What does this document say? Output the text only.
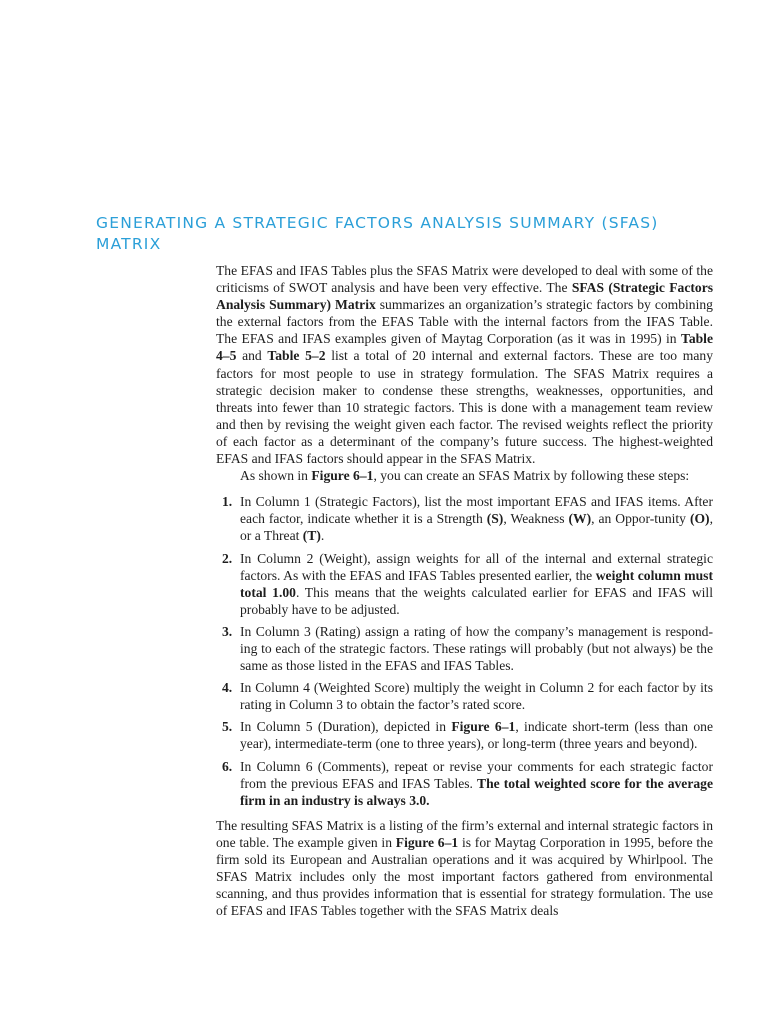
GENERATING A STRATEGIC FACTORS ANALYSIS SUMMARY (SFAS) MATRIX

The EFAS and IFAS Tables plus the SFAS Matrix were developed to deal with some of the criticisms of SWOT analysis and have been very effective. The SFAS (Strategic Factors Analysis Summary) Matrix summarizes an organization’s strategic factors by combining the external factors from the EFAS Table with the internal factors from the IFAS Table. The EFAS and IFAS examples given of Maytag Corporation (as it was in 1995) in Table 4–5 and Table 5–2 list a total of 20 internal and external factors. These are too many factors for most people to use in strategy formulation. The SFAS Matrix requires a strategic decision maker to condense these strengths, weaknesses, opportunities, and threats into fewer than 10 strategic factors. This is done with a management team review and then by revising the weight given each factor. The revised weights reflect the priority of each factor as a determinant of the company’s future success. The highest-weighted EFAS and IFAS factors should appear in the SFAS Matrix.

As shown in Figure 6–1, you can create an SFAS Matrix by following these steps:

1. In Column 1 (Strategic Factors), list the most important EFAS and IFAS items. After each factor, indicate whether it is a Strength (S), Weakness (W), an Oppor-tunity (O), or a Threat (T).
2. In Column 2 (Weight), assign weights for all of the internal and external strategic factors. As with the EFAS and IFAS Tables presented earlier, the weight column must total 1.00. This means that the weights calculated earlier for EFAS and IFAS will probably have to be adjusted.
3. In Column 3 (Rating) assign a rating of how the company’s management is respond-ing to each of the strategic factors. These ratings will probably (but not always) be the same as those listed in the EFAS and IFAS Tables.
4. In Column 4 (Weighted Score) multiply the weight in Column 2 for each factor by its rating in Column 3 to obtain the factor’s rated score.
5. In Column 5 (Duration), depicted in Figure 6–1, indicate short-term (less than one year), intermediate-term (one to three years), or long-term (three years and beyond).
6. In Column 6 (Comments), repeat or revise your comments for each strategic factor from the previous EFAS and IFAS Tables. The total weighted score for the average firm in an industry is always 3.0.

The resulting SFAS Matrix is a listing of the firm’s external and internal strategic factors in one table. The example given in Figure 6–1 is for Maytag Corporation in 1995, before the firm sold its European and Australian operations and it was acquired by Whirlpool. The SFAS Matrix includes only the most important factors gathered from environmental scanning, and thus provides information that is essential for strategy formulation. The use of EFAS and IFAS Tables together with the SFAS Matrix deals
